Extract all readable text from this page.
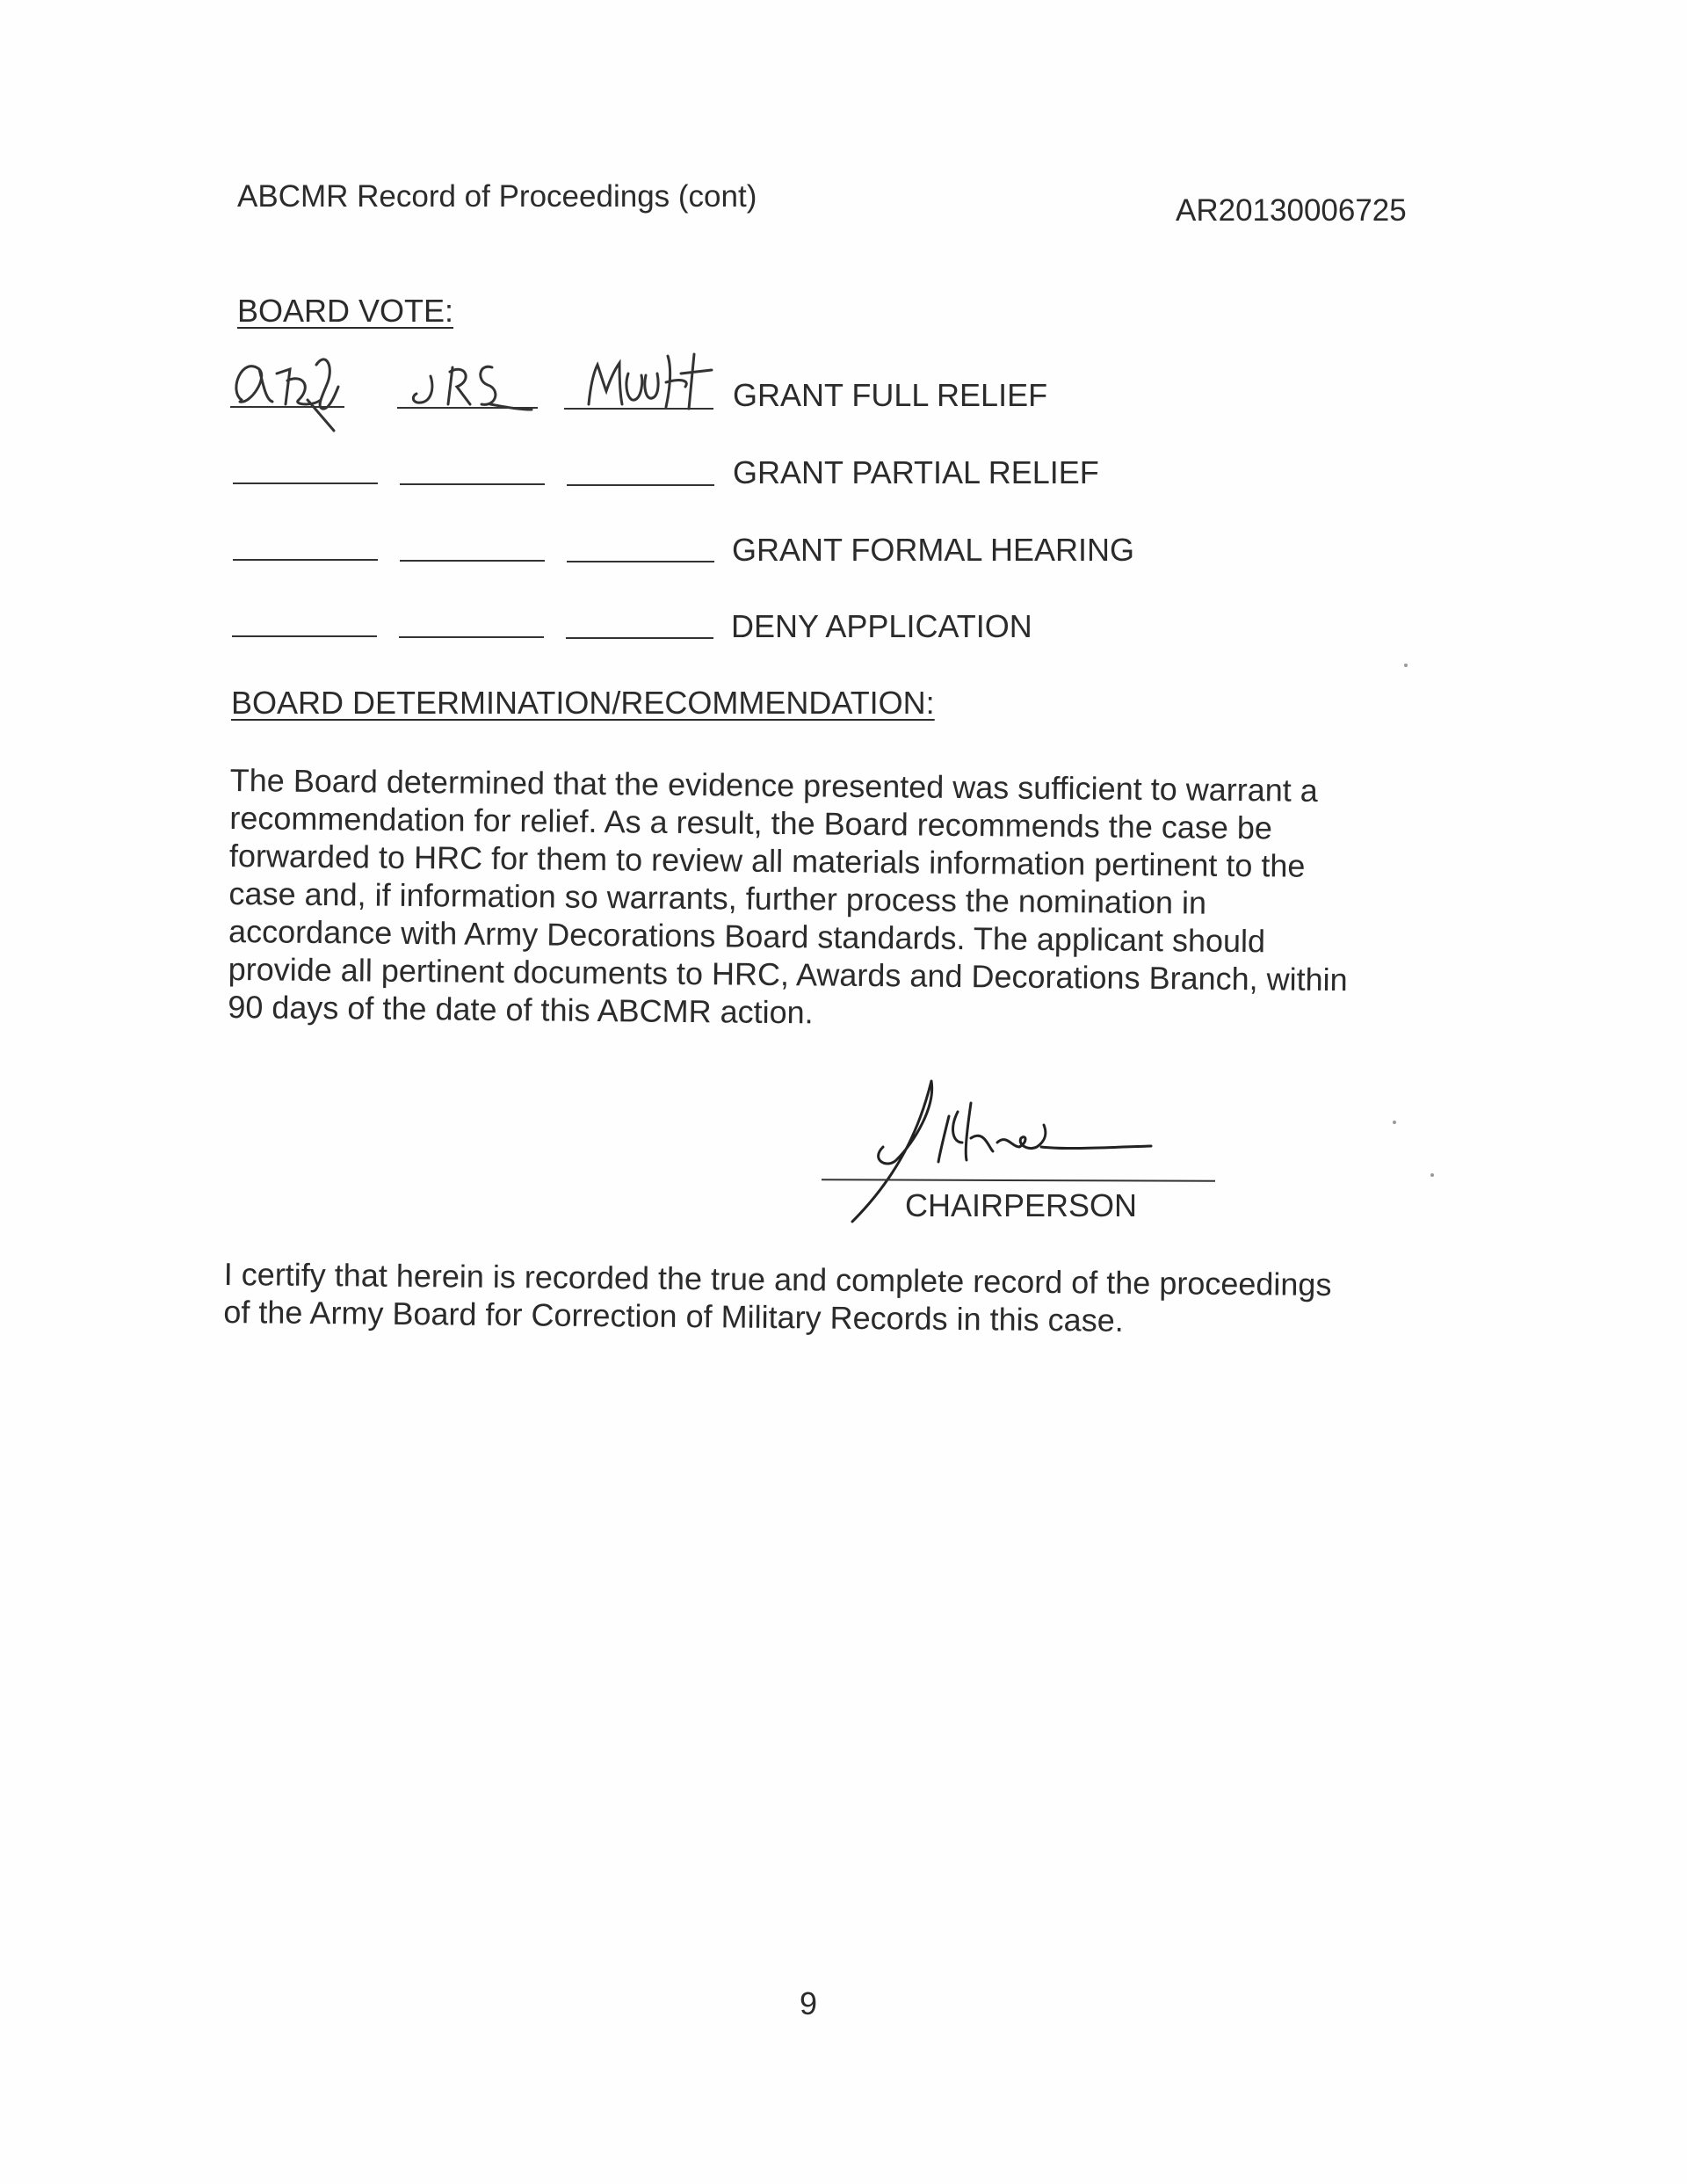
ABCMR Record of Proceedings (cont)	AR20130006725
BOARD VOTE:
GRANT FULL RELIEF
GRANT PARTIAL RELIEF
GRANT FORMAL HEARING
DENY APPLICATION
BOARD DETERMINATION/RECOMMENDATION:
The Board determined that the evidence presented was sufficient to warrant a
recommendation for relief. As a result, the Board recommends the case be
forwarded to HRC for them to review all materials information pertinent to the
case and, if information so warrants, further process the nomination in
accordance with Army Decorations Board standards. The applicant should
provide all pertinent documents to HRC, Awards and Decorations Branch, within
90 days of the date of this ABCMR action.
CHAIRPERSON
I certify that herein is recorded the true and complete record of the proceedings
of the Army Board for Correction of Military Records in this case.
9
